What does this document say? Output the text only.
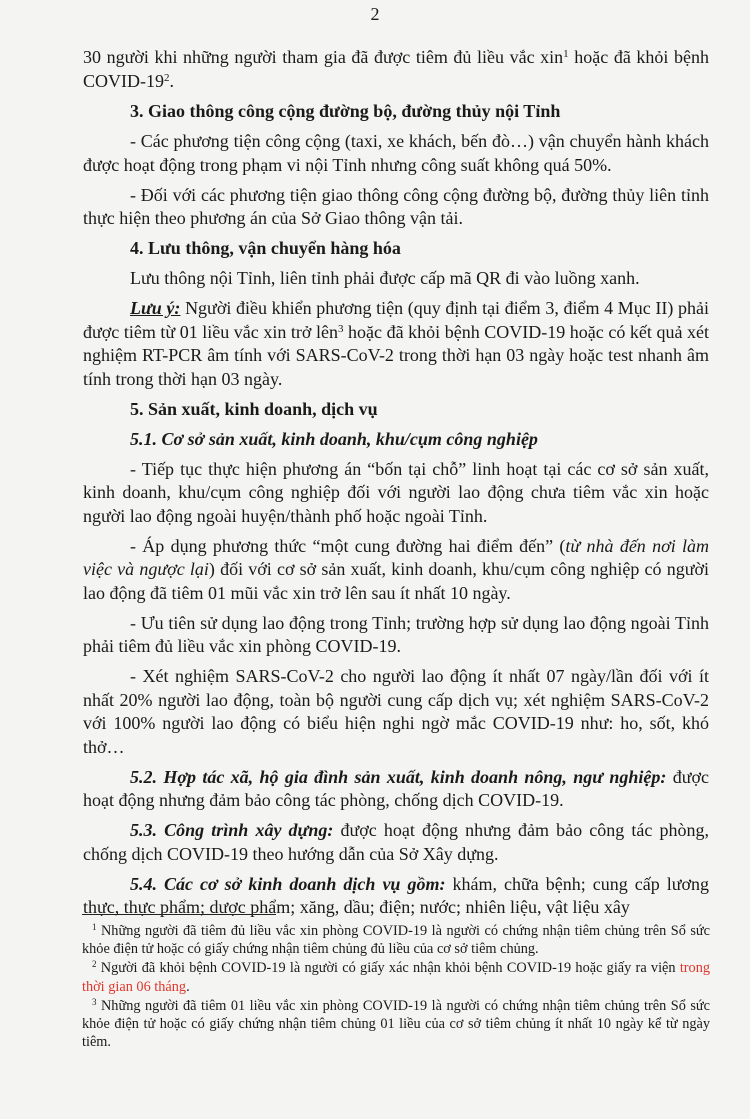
2

30 người khi những người tham gia đã được tiêm đủ liều vắc xin$^1$ hoặc đã khỏi bệnh COVID-$19^2$.

3. Giao thông công cộng đường bộ, đường thủy nội Tỉnh

- Các phương tiện công cộng (taxi, xe khách, bến đò…) vận chuyển hành khách được hoạt động trong phạm vi nội Tỉnh nhưng công suất không quá 50%.

- Đối với các phương tiện giao thông công cộng đường bộ, đường thủy liên tỉnh thực hiện theo phương án của Sở Giao thông vận tải.

4. Lưu thông, vận chuyển hàng hóa

Lưu thông nội Tỉnh, liên tỉnh phải được cấp mã QR đi vào luồng xanh.

Lưu ý: Người điều khiển phương tiện (quy định tại điểm 3, điểm 4 Mục II) phải được tiêm từ 01 liều vắc xin trở lên$^3$ hoặc đã khỏi bệnh COVID-19 hoặc có kết quả xét nghiệm RT-PCR âm tính với SARS-CoV-2 trong thời hạn 03 ngày hoặc test nhanh âm tính trong thời hạn 03 ngày.

5. Sản xuất, kinh doanh, dịch vụ

5.1. Cơ sở sản xuất, kinh doanh, khu/cụm công nghiệp

- Tiếp tục thực hiện phương án “bốn tại chỗ” linh hoạt tại các cơ sở sản xuất, kinh doanh, khu/cụm công nghiệp đối với người lao động chưa tiêm vắc xin hoặc người lao động ngoài huyện/thành phố hoặc ngoài Tỉnh.

- Áp dụng phương thức “một cung đường hai điểm đến” (từ nhà đến nơi làm việc và ngược lại) đối với cơ sở sản xuất, kinh doanh, khu/cụm công nghiệp có người lao động đã tiêm 01 mũi vắc xin trở lên sau ít nhất 10 ngày.

- Ưu tiên sử dụng lao động trong Tỉnh; trường hợp sử dụng lao động ngoài Tỉnh phải tiêm đủ liều vắc xin phòng COVID-19.

- Xét nghiệm SARS-CoV-2 cho người lao động ít nhất 07 ngày/lần đối với ít nhất 20% người lao động, toàn bộ người cung cấp dịch vụ; xét nghiệm SARS-CoV-2 với 100% người lao động có biểu hiện nghi ngờ mắc COVID-19 như: ho, sốt, khó thở…

5.2. Hợp tác xã, hộ gia đình sản xuất, kinh doanh nông, ngư nghiệp: được hoạt động nhưng đảm bảo công tác phòng, chống dịch COVID-19.

5.3. Công trình xây dựng: được hoạt động nhưng đảm bảo công tác phòng, chống dịch COVID-19 theo hướng dẫn của Sở Xây dựng.

5.4. Các cơ sở kinh doanh dịch vụ gồm: khám, chữa bệnh; cung cấp lương thực, thực phẩm; dược phẩm; xăng, dầu; điện; nước; nhiên liệu, vật liệu xây

$^1$ Những người đã tiêm đủ liều vắc xin phòng COVID-19 là người có chứng nhận tiêm chủng trên Sổ sức khỏe điện tử hoặc có giấy chứng nhận tiêm chủng đủ liều của cơ sở tiêm chủng.

$^2$ Người đã khỏi bệnh COVID-19 là người có giấy xác nhận khỏi bệnh COVID-19 hoặc giấy ra viện trong thời gian 06 tháng.

$^3$ Những người đã tiêm 01 liều vắc xin phòng COVID-19 là người có chứng nhận tiêm chủng trên Sổ sức khỏe điện tử hoặc có giấy chứng nhận tiêm chủng 01 liều của cơ sở tiêm chủng ít nhất 10 ngày kể từ ngày tiêm.
